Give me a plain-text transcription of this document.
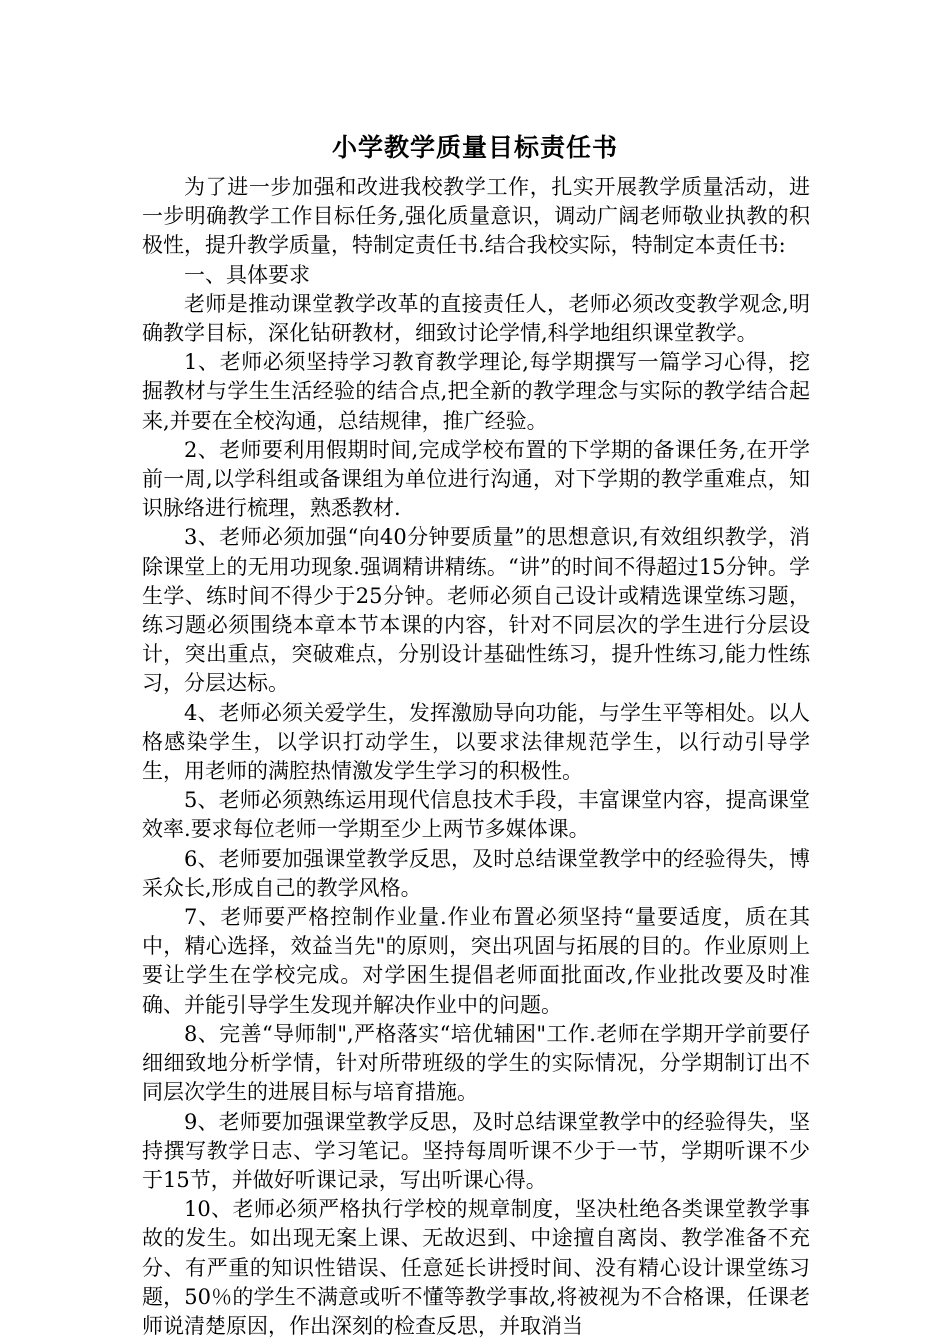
小学教学质量目标责任书

为了进一步加强和改进我校教学工作，扎实开展教学质量活动，进一步明确教学工作目标任务,强化质量意识，调动广阔老师敬业执教的积极性，提升教学质量，特制定责任书.结合我校实际，特制定本责任书:

一、具体要求

老师是推动课堂教学改革的直接责任人，老师必须改变教学观念,明确教学目标，深化钻研教材，细致讨论学情,科学地组织课堂教学。

1、老师必须坚持学习教育教学理论,每学期撰写一篇学习心得，挖掘教材与学生生活经验的结合点,把全新的教学理念与实际的教学结合起来,并要在全校沟通，总结规律，推广经验。

2、老师要利用假期时间,完成学校布置的下学期的备课任务,在开学前一周,以学科组或备课组为单位进行沟通，对下学期的教学重难点，知识脉络进行梳理，熟悉教材.

3、老师必须加强“向40分钟要质量”的思想意识,有效组织教学，消除课堂上的无用功现象.强调精讲精练。“讲”的时间不得超过15分钟。学生学、练时间不得少于25分钟。老师必须自己设计或精选课堂练习题，练习题必须围绕本章本节本课的内容，针对不同层次的学生进行分层设计，突出重点，突破难点，分别设计基础性练习，提升性练习,能力性练习，分层达标。

4、老师必须关爱学生，发挥激励导向功能，与学生平等相处。以人格感染学生，以学识打动学生，以要求法律规范学生，以行动引导学生，用老师的满腔热情激发学生学习的积极性。

5、老师必须熟练运用现代信息技术手段，丰富课堂内容，提高课堂效率.要求每位老师一学期至少上两节多媒体课。

6、老师要加强课堂教学反思，及时总结课堂教学中的经验得失，博采众长,形成自己的教学风格。

7、老师要严格控制作业量.作业布置必须坚持“量要适度，质在其中，精心选择，效益当先"的原则，突出巩固与拓展的目的。作业原则上要让学生在学校完成。对学困生提倡老师面批面改,作业批改要及时准确、并能引导学生发现并解决作业中的问题。

8、完善“导师制",严格落实“培优辅困"工作.老师在学期开学前要仔细细致地分析学情，针对所带班级的学生的实际情况，分学期制订出不同层次学生的进展目标与培育措施。

9、老师要加强课堂教学反思，及时总结课堂教学中的经验得失，坚持撰写教学日志、学习笔记。坚持每周听课不少于一节，学期听课不少于15节，并做好听课记录，写出听课心得。

10、老师必须严格执行学校的规章制度，坚决杜绝各类课堂教学事故的发生。如出现无案上课、无故迟到、中途擅自离岗、教学准备不充分、有严重的知识性错误、任意延长讲授时间、没有精心设计课堂练习题，50％的学生不满意或听不懂等教学事故,将被视为不合格课，任课老师说清楚原因，作出深刻的检查反思，并取消当
